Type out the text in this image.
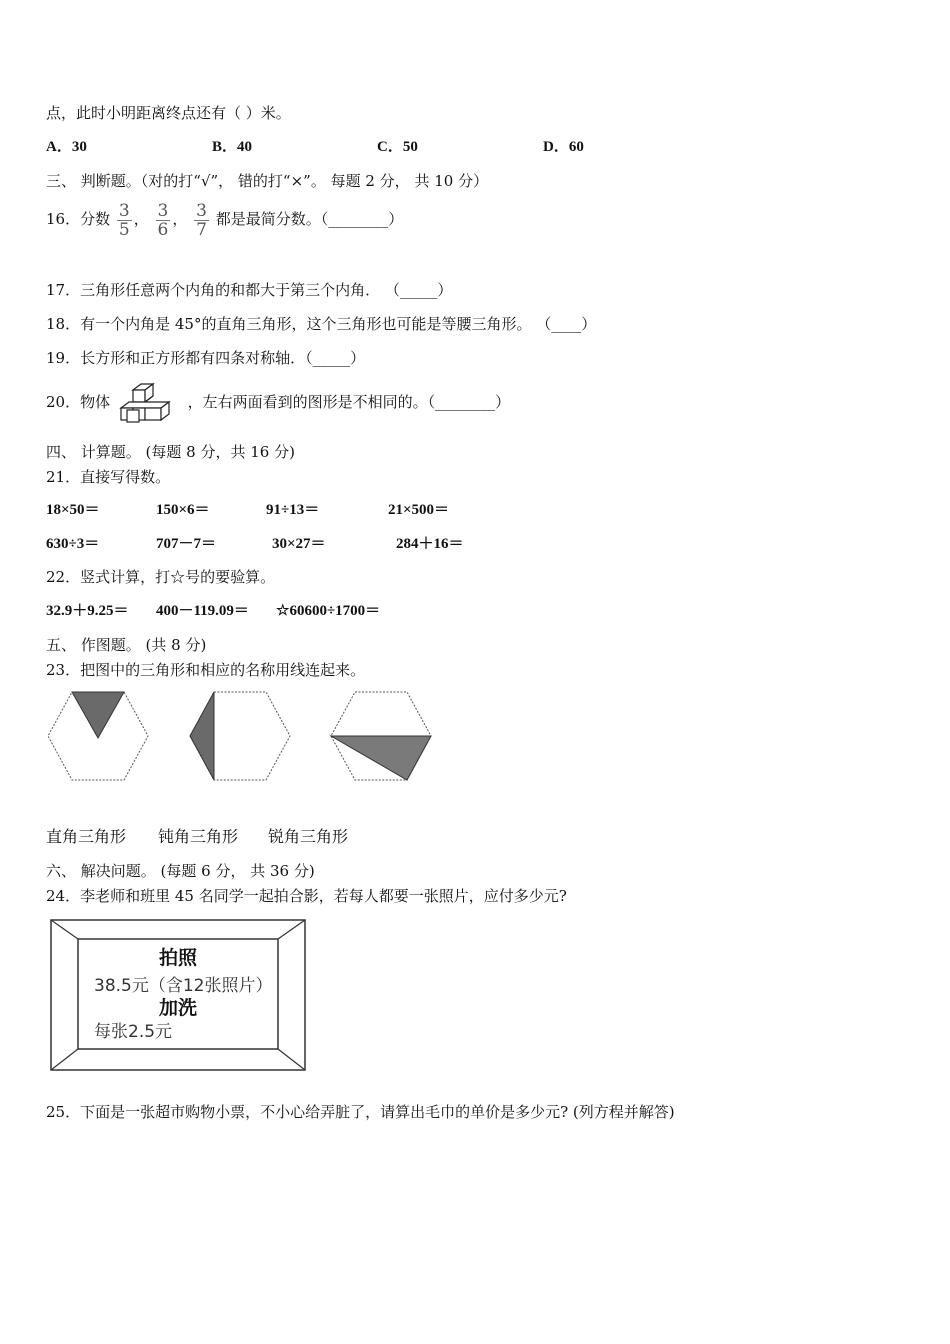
点，此时小明距离终点还有（ ）米。
A．30	B．40	C．50	D．60
三、 判断题。（对的打“√”， 错的打“×”。 每题 2 分， 共 10 分）
16．分数 $\frac{3}{5}$ ， $\frac{3}{6}$ ， $\frac{3}{7}$ 都是最简分数。（________）
17．三角形任意两个内角的和都大于第三个内角． （_____）
18．有一个内角是 45°的直角三角形，这个三角形也可能是等腰三角形。 （____）
19．长方形和正方形都有四条对称轴．（_____）
20．物体	，左右两面看到的图形是不相同的。（________）
四、 计算题。 (每题 8 分，共 16 分)
21．直接写得数。
18×50＝	150×6＝	91÷13＝	21×500＝
630÷3＝	707－7＝	30×27＝	284＋16＝
22．竖式计算，打☆号的要验算。
32.9＋9.25＝ 400－119.09＝ ☆60600÷1700＝
五、 作图题。 (共 8 分)
23．把图中的三角形和相应的名称用线连起来。
直角三角形 钝角三角形 锐角三角形
六、 解决问题。 (每题 6 分， 共 36 分)
24．李老师和班里 45 名同学一起拍合影，若每人都要一张照片，应付多少元?
拍照
38.5元（含12张照片）
加洗
每张2.5元
25．下面是一张超市购物小票，不小心给弄脏了，请算出毛巾的单价是多少元? (列方程并解答)
